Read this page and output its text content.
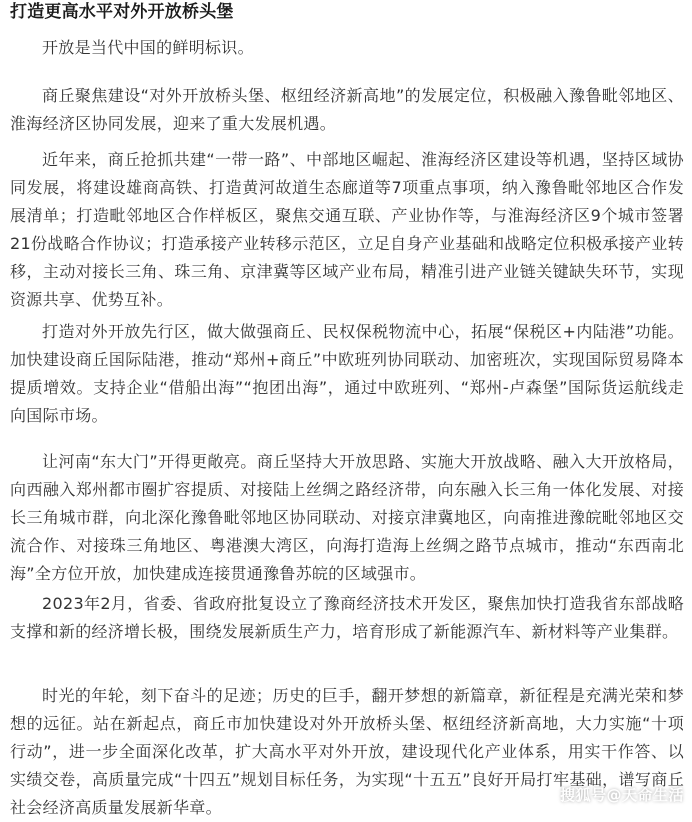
打造更高水平对外开放桥头堡

开放是当代中国的鲜明标识。

商丘聚焦建设“对外开放桥头堡、枢纽经济新高地”的发展定位，积极融入豫鲁毗邻地区、淮海经济区协同发展，迎来了重大发展机遇。

近年来，商丘抢抓共建“一带一路”、中部地区崛起、淮海经济区建设等机遇，坚持区域协同发展，将建设雄商高铁、打造黄河故道生态廊道等7项重点事项，纳入豫鲁毗邻地区合作发展清单；打造毗邻地区合作样板区，聚焦交通互联、产业协作等，与淮海经济区9个城市签署21份战略合作协议；打造承接产业转移示范区，立足自身产业基础和战略定位积极承接产业转移，主动对接长三角、珠三角、京津冀等区域产业布局，精准引进产业链关键缺失环节，实现资源共享、优势互补。

打造对外开放先行区，做大做强商丘、民权保税物流中心，拓展“保税区+内陆港”功能。加快建设商丘国际陆港，推动“郑州+商丘”中欧班列协同联动、加密班次，实现国际贸易降本提质增效。支持企业“借船出海”“抱团出海”，通过中欧班列、“郑州-卢森堡”国际货运航线走向国际市场。

让河南“东大门”开得更敞亮。商丘坚持大开放思路、实施大开放战略、融入大开放格局，向西融入郑州都市圈扩容提质、对接陆上丝绸之路经济带，向东融入长三角一体化发展、对接长三角城市群，向北深化豫鲁毗邻地区协同联动、对接京津冀地区，向南推进豫皖毗邻地区交流合作、对接珠三角地区、粤港澳大湾区，向海打造海上丝绸之路节点城市，推动“东西南北海”全方位开放，加快建成连接贯通豫鲁苏皖的区域强市。

2023年2月，省委、省政府批复设立了豫商经济技术开发区，聚焦加快打造我省东部战略支撑和新的经济增长极，围绕发展新质生产力，培育形成了新能源汽车、新材料等产业集群。

时光的年轮，刻下奋斗的足迹；历史的巨手，翻开梦想的新篇章，新征程是充满光荣和梦想的远征。站在新起点，商丘市加快建设对外开放桥头堡、枢纽经济新高地，大力实施“十项行动”，进一步全面深化改革，扩大高水平对外开放，建设现代化产业体系，用实干作答、以实绩交卷，高质量完成“十四五”规划目标任务，为实现“十五五”良好开局打牢基础，谱写商丘社会经济高质量发展新华章。

搜狐号@天命生活
